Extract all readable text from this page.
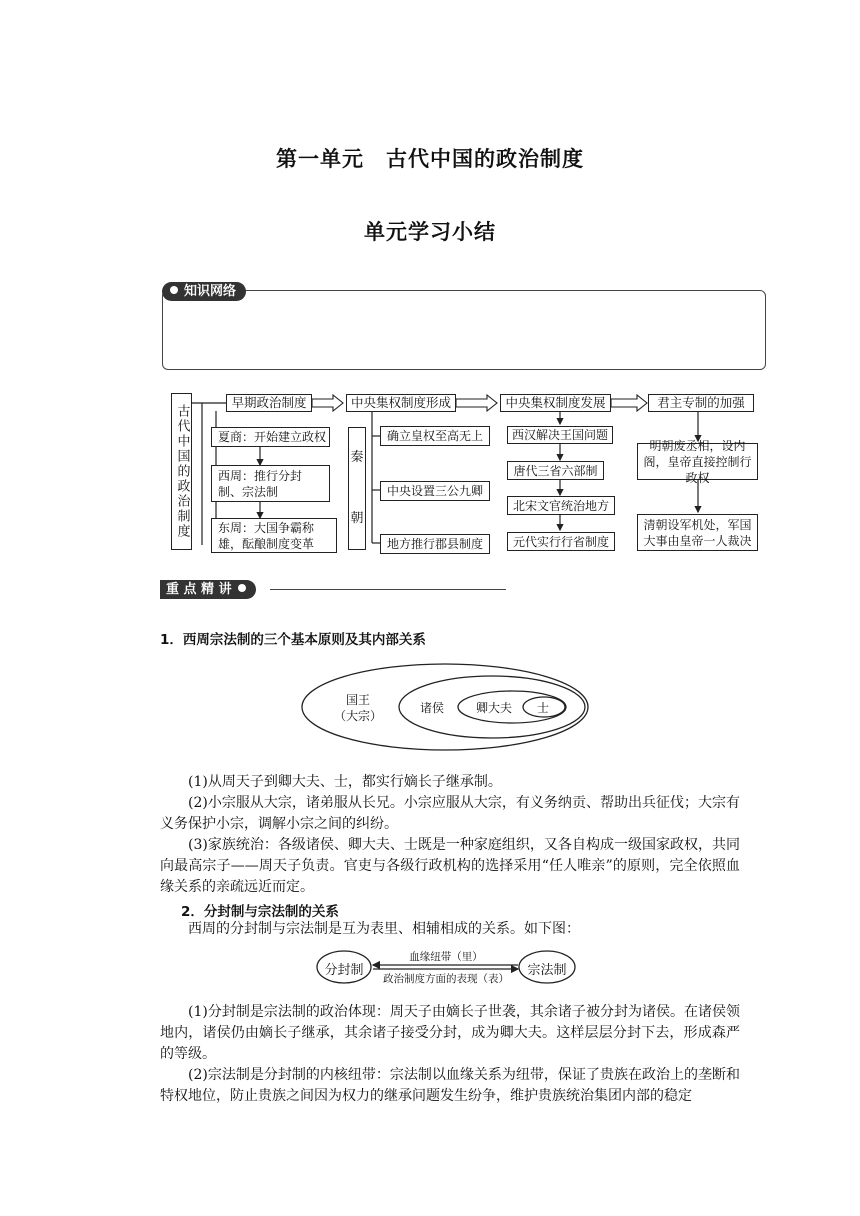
第一单元　古代中国的政治制度
单元学习小结
知识网络
古代中国的政治制度
早期政治制度	中央集权制度形成	中央集权制度发展	君主专制的加强
夏商：开始建立政权
西周：推行分封制、宗法制
东周：大国争霸称雄，酝酿制度变革
秦
朝
确立皇权至高无上
中央设置三公九卿
地方推行郡县制度
西汉解决王国问题
唐代三省六部制
北宋文官统治地方
元代实行行省制度
明朝废丞相，设内阁，皇帝直接控制行政权
清朝设军机处，军国大事由皇帝一人裁决
重 点 精 讲
1．西周宗法制的三个基本原则及其内部关系
国王
（大宗）
诸侯	卿大夫 士
(1)从周天子到卿大夫、士，都实行嫡长子继承制。
(2)小宗服从大宗，诸弟服从长兄。小宗应服从大宗，有义务纳贡、帮助出兵征伐；大宗有义务保护小宗，调解小宗之间的纠纷。
(3)家族统治：各级诸侯、卿大夫、士既是一种家庭组织，又各自构成一级国家政权，共同向最高宗子——周天子负责。官吏与各级行政机构的选择采用“任人唯亲”的原则，完全依照血缘关系的亲疏远近而定。
2．分封制与宗法制的关系
西周的分封制与宗法制是互为表里、相辅相成的关系。如下图：
分封制	宗法制
血缘纽带（里）
政治制度方面的表现（表）
(1)分封制是宗法制的政治体现：周天子由嫡长子世袭，其余诸子被分封为诸侯。在诸侯领地内，诸侯仍由嫡长子继承，其余诸子接受分封，成为卿大夫。这样层层分封下去，形成森严的等级。
(2)宗法制是分封制的内核纽带：宗法制以血缘关系为纽带，保证了贵族在政治上的垄断和特权地位，防止贵族之间因为权力的继承问题发生纷争，维护贵族统治集团内部的稳定
